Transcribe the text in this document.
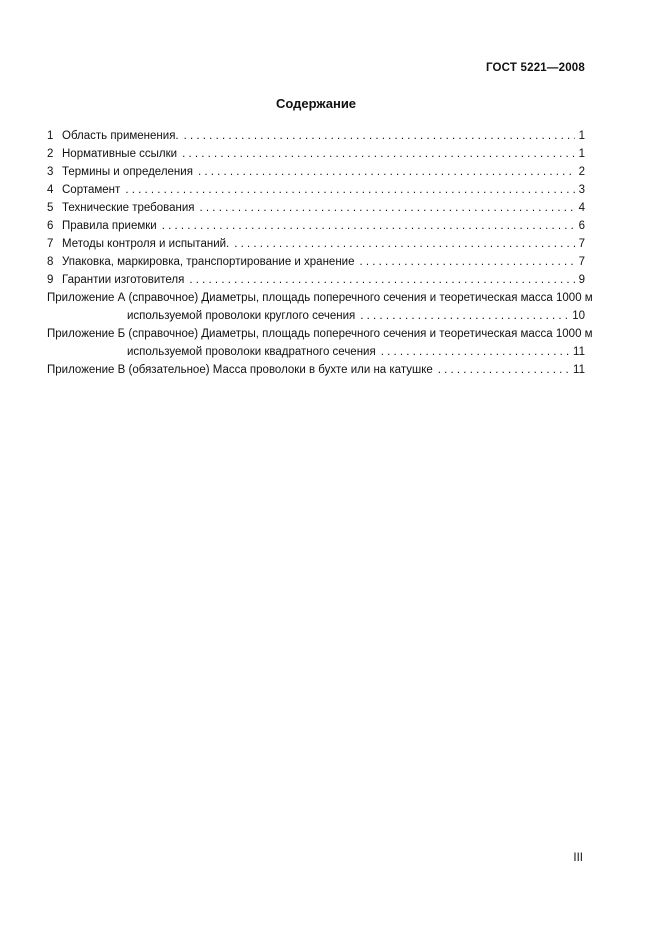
ГОСТ 5221—2008
Содержание
1 Область применения. . . .	1
2 Нормативные ссылки . . .	1
3 Термины и определения . . .	2
4 Сортамент . . .	3
5 Технические требования . . .	4
6 Правила приемки . . .	6
7 Методы контроля и испытаний. . . .	7
8 Упаковка, маркировка, транспортирование и хранение . . .	7
9 Гарантии изготовителя . . .	9
Приложение А (справочное) Диаметры, площадь поперечного сечения и теоретическая масса 1000 м
используемой проволоки круглого сечения . . .	10
Приложение Б (справочное) Диаметры, площадь поперечного сечения и теоретическая масса 1000 м
используемой проволоки квадратного сечения . . .	11
Приложение В (обязательное) Масса проволоки в бухте или на катушке . . .	11
III
